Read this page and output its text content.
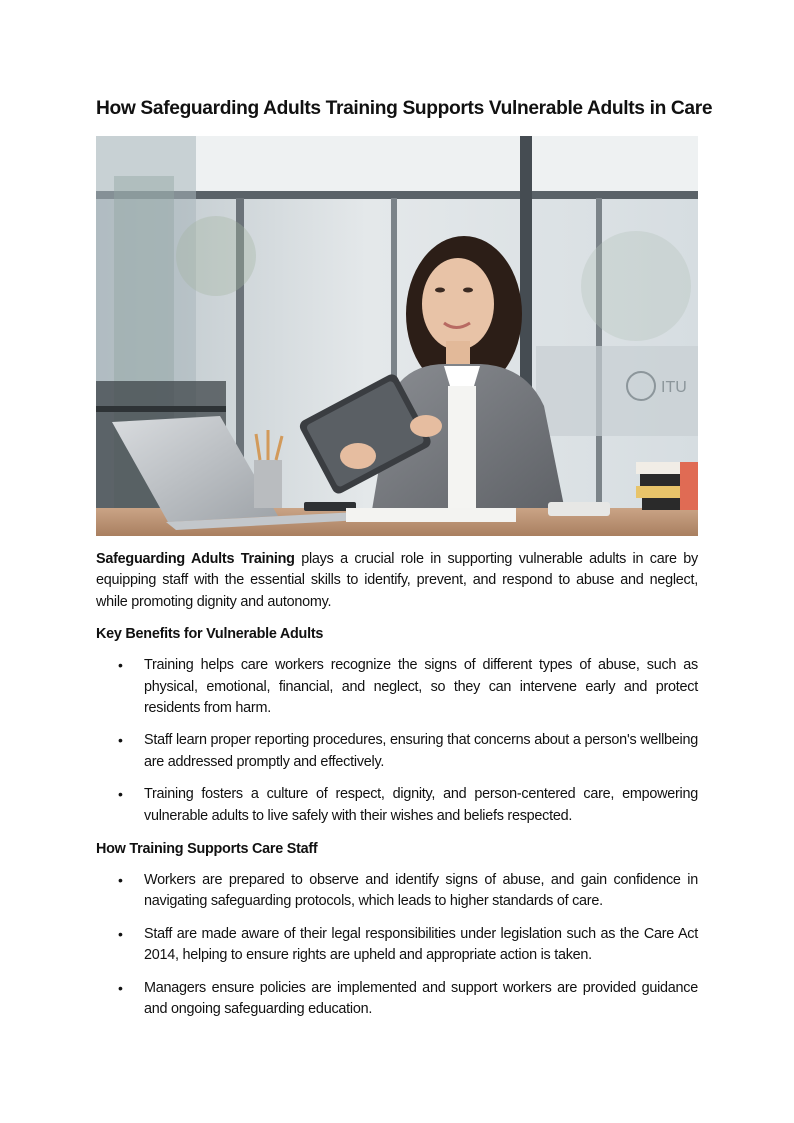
How Safeguarding Adults Training Supports Vulnerable Adults in Care
ITU

Safeguarding Adults Training plays a crucial role in supporting vulnerable adults in care by equipping staff with the essential skills to identify, prevent, and respond to abuse and neglect, while promoting dignity and autonomy.

Key Benefits for Vulnerable Adults
• Training helps care workers recognize the signs of different types of abuse, such as physical, emotional, financial, and neglect, so they can intervene early and protect residents from harm.
• Staff learn proper reporting procedures, ensuring that concerns about a person's wellbeing are addressed promptly and effectively.
• Training fosters a culture of respect, dignity, and person-centered care, empowering vulnerable adults to live safely with their wishes and beliefs respected.
How Training Supports Care Staff
• Workers are prepared to observe and identify signs of abuse, and gain confidence in navigating safeguarding protocols, which leads to higher standards of care.
• Staff are made aware of their legal responsibilities under legislation such as the Care Act 2014, helping to ensure rights are upheld and appropriate action is taken.
• Managers ensure policies are implemented and support workers are provided guidance and ongoing safeguarding education.
